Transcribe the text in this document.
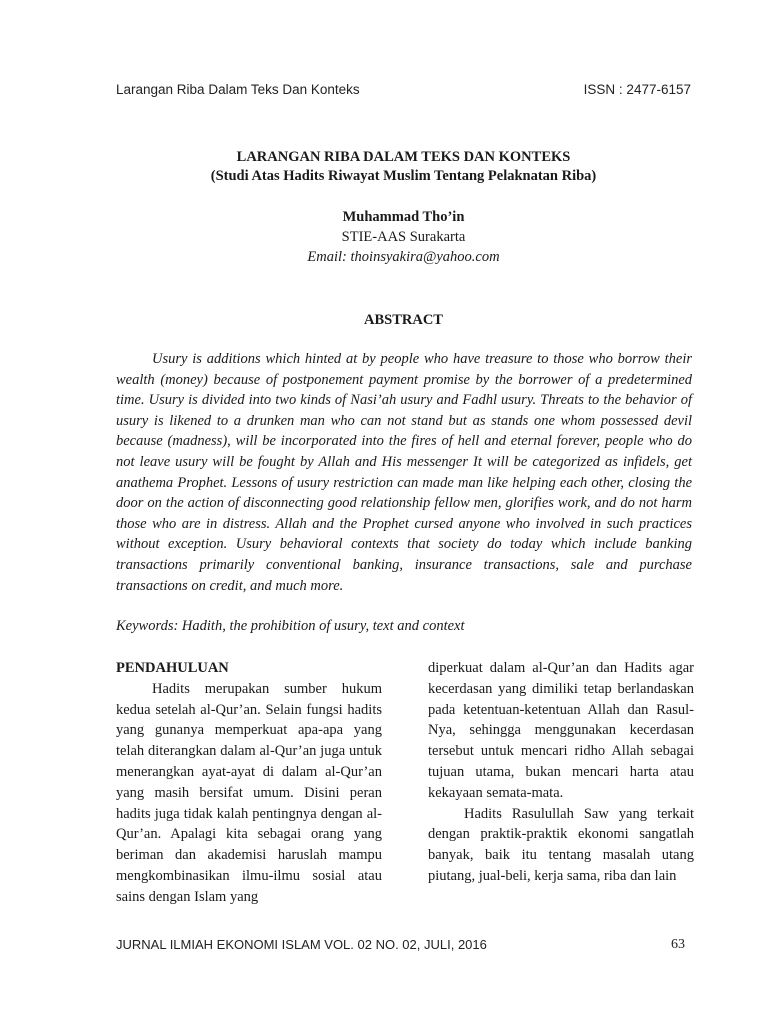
Larangan Riba Dalam Teks Dan Konteks	ISSN : 2477-6157

LARANGAN RIBA DALAM TEKS DAN KONTEKS

(Studi Atas Hadits Riwayat Muslim Tentang Pelaknatan Riba)

Muhammad Tho’in
STIE-AAS Surakarta
Email: thoinsyakira@yahoo.com
ABSTRACT

Usury is additions which hinted at by people who have treasure to those who borrow their wealth (money) because of postponement payment promise by the borrower of a predetermined time. Usury is divided into two kinds of Nasi’ah usury and Fadhl usury. Threats to the behavior of usury is likened to a drunken man who can not stand but as stands one whom possessed devil because (madness), will be incorporated into the fires of hell and eternal forever, people who do not leave usury will be fought by Allah and His messenger It will be categorized as infidels, get anathema Prophet. Lessons of usury restriction can made man like helping each other, closing the door on the action of disconnecting good relationship fellow men, glorifies work, and do not harm those who are in distress. Allah and the Prophet cursed anyone who involved in such practices without exception. Usury behavioral contexts that society do today which include banking transactions primarily conventional banking, insurance transactions, sale and purchase transactions on credit, and much more.

Keywords: Hadith, the prohibition of usury, text and context

PENDAHULUAN

Hadits merupakan sumber hukum kedua setelah al-Qur’an. Selain fungsi hadits yang gunanya memperkuat apa-apa yang telah diterangkan dalam al-Qur’an juga untuk menerangkan ayat-ayat di dalam al-Qur’an yang masih bersifat umum. Disini peran hadits juga tidak kalah pentingnya dengan al-Qur’an. Apalagi kita sebagai orang yang beriman dan akademisi haruslah mampu mengkombinasikan ilmu-ilmu sosial atau sains dengan Islam yang

diperkuat dalam al-Qur’an dan Hadits agar kecerdasan yang dimiliki tetap berlandaskan pada ketentuan-ketentuan Allah dan Rasul-Nya, sehingga menggunakan kecerdasan tersebut untuk mencari ridho Allah sebagai tujuan utama, bukan mencari harta atau kekayaan semata-mata.

Hadits Rasulullah Saw yang terkait dengan praktik-praktik ekonomi sangatlah banyak, baik itu tentang masalah utang piutang, jual-beli, kerja sama, riba dan lain

JURNAL ILMIAH EKONOMI ISLAM VOL. 02 NO. 02, JULI, 2016	63
